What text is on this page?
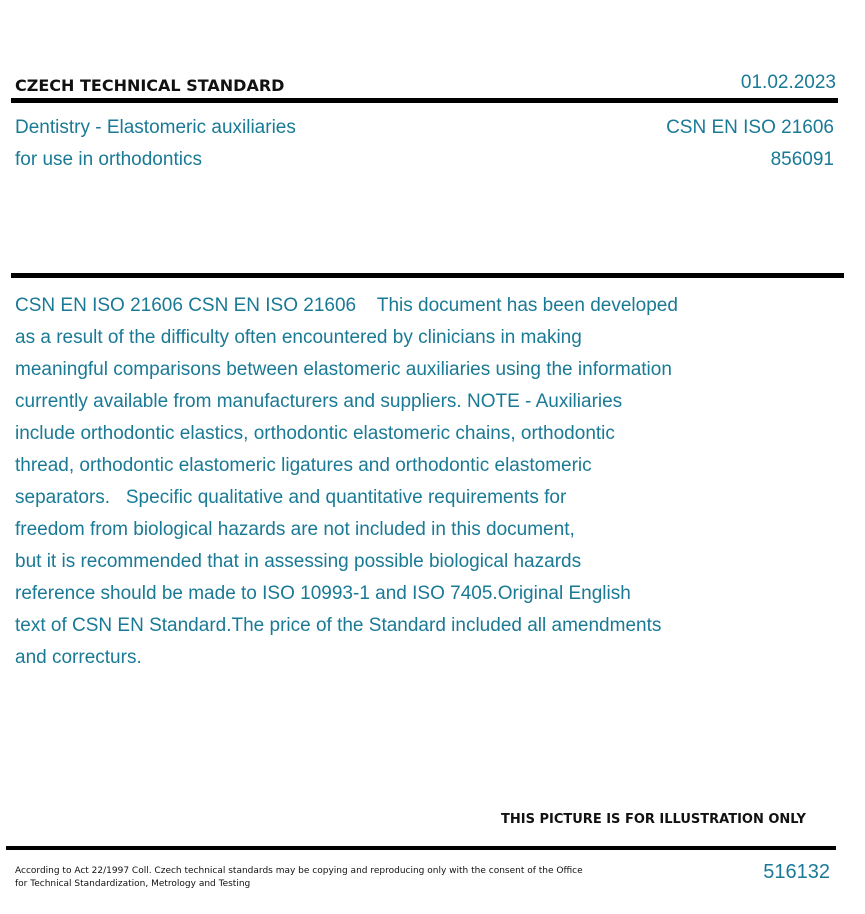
CZECH TECHNICAL STANDARD	01.02.2023
Dentistry - Elastomeric auxiliaries
for use in orthodontics
CSN EN ISO 21606
856091
CSN EN ISO 21606 CSN EN ISO 21606    This document has been developed
as a result of the difficulty often encountered by clinicians in making
meaningful comparisons between elastomeric auxiliaries using the information
currently available from manufacturers and suppliers. NOTE - Auxiliaries
include orthodontic elastics, orthodontic elastomeric chains, orthodontic
thread, orthodontic elastomeric ligatures and orthodontic elastomeric
separators.   Specific qualitative and quantitative requirements for
freedom from biological hazards are not included in this document,
but it is recommended that in assessing possible biological hazards
reference should be made to ISO 10993-1 and ISO 7405.Original English
text of CSN EN Standard.The price of the Standard included all amendments
and correcturs.
THIS PICTURE IS FOR ILLUSTRATION ONLY
According to Act 22/1997 Coll. Czech technical standards may be copying and reproducing only with the consent of the Office
for Technical Standardization, Metrology and Testing
516132
